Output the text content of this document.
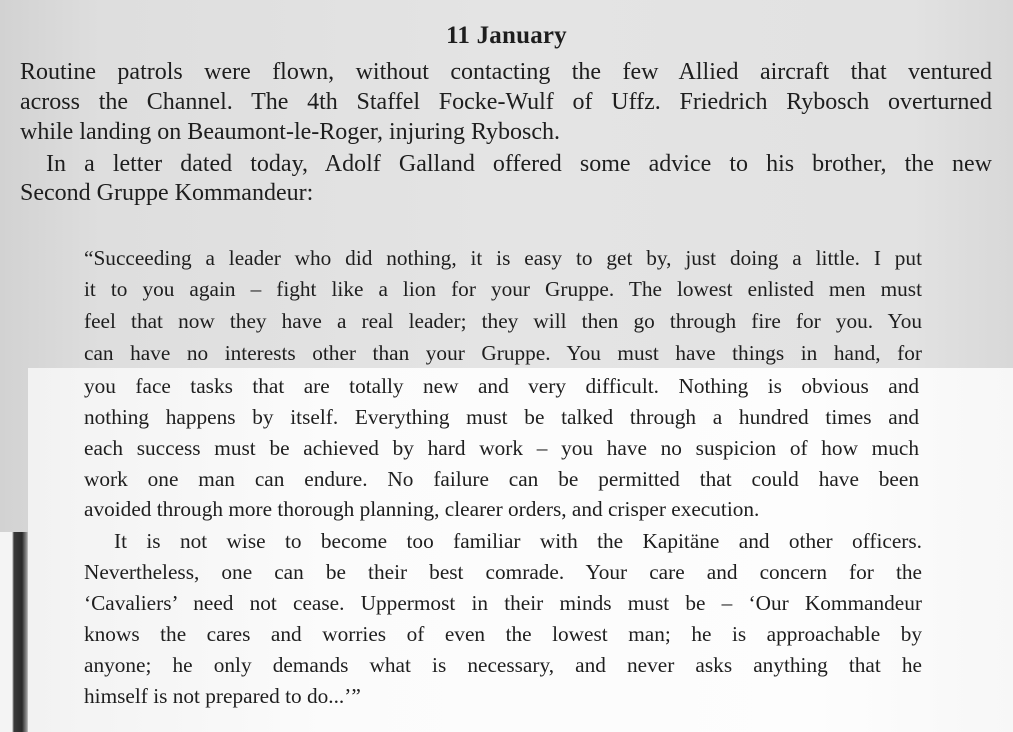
11 January
Routine patrols were flown, without contacting the few Allied aircraft that ventured
across the Channel. The 4th Staffel Focke-Wulf of Uffz. Friedrich Rybosch overturned
while landing on Beaumont-le-Roger, injuring Rybosch.
In a letter dated today, Adolf Galland offered some advice to his brother, the new
Second Gruppe Kommandeur:
“Succeeding a leader who did nothing, it is easy to get by, just doing a little. I put
it to you again – fight like a lion for your Gruppe. The lowest enlisted men must
feel that now they have a real leader; they will then go through fire for you. You
can have no interests other than your Gruppe. You must have things in hand, for
you face tasks that are totally new and very difficult. Nothing is obvious and
nothing happens by itself. Everything must be talked through a hundred times and
each success must be achieved by hard work – you have no suspicion of how much
work one man can endure. No failure can be permitted that could have been
avoided through more thorough planning, clearer orders, and crisper execution.
It is not wise to become too familiar with the Kapitäne and other officers.
Nevertheless, one can be their best comrade. Your care and concern for the
‘Cavaliers’ need not cease. Uppermost in their minds must be – ‘Our Kommandeur
knows the cares and worries of even the lowest man; he is approachable by
anyone; he only demands what is necessary, and never asks anything that he
himself is not prepared to do...’”
